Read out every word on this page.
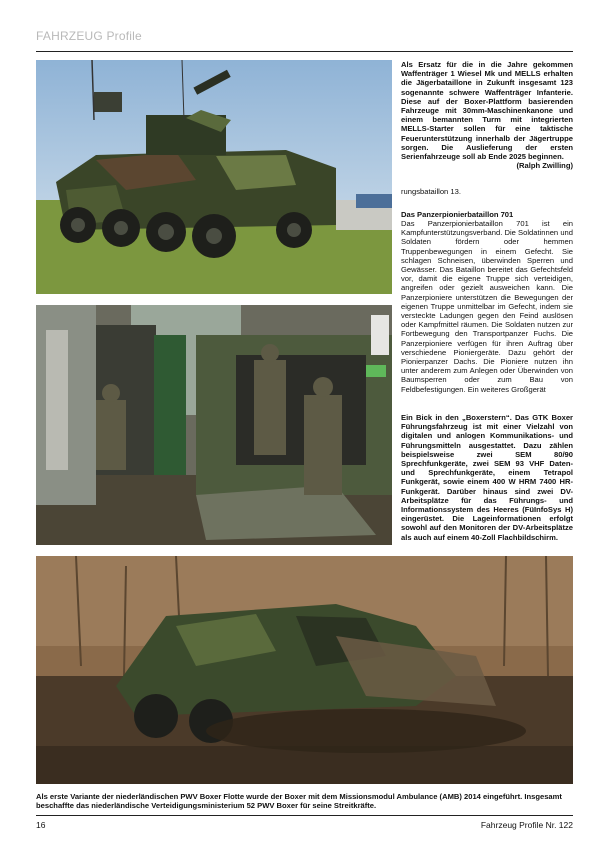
FAHRZEUG Profile
Als Ersatz für die in die Jahre gekommen Waffenträger 1 Wiesel Mk und MELLS erhalten die Jägerbataillone in Zukunft insgesamt 123 sogenannte schwere Waffenträger Infanterie. Diese auf der Boxer-Plattform basierenden Fahrzeuge mit 30mm-Maschinenkanone und einem bemannten Turm mit integrierten MELLS-Starter sollen für eine taktische Feuerunterstützung innerhalb der Jägertruppe sorgen. Die Auslieferung der ersten Serienfahrzeuge soll ab Ende 2025 beginnen.
(Ralph Zwilling)
rungsbataillon 13.
Das Panzerpionierbataillon 701
Das Panzerpionierbataillon 701 ist ein Kampfunterstützungsverband. Die Soldatinnen und Soldaten fördern oder hemmen Truppenbewegungen in einem Gefecht. Sie schlagen Schneisen, überwinden Sperren und Gewässer. Das Bataillon bereitet das Gefechtsfeld vor, damit die eigene Truppe sich verteidigen, angreifen oder gezielt ausweichen kann. Die Panzerpioniere unterstützen die Bewegungen der eigenen Truppe unmittelbar im Gefecht, indem sie versteckte Ladungen gegen den Feind auslösen oder Kampfmittel räumen. Die Soldaten nutzen zur Fortbewegung den Transportpanzer Fuchs. Die Panzerpioniere verfügen für ihren Auftrag über verschiedene Pioniergeräte. Dazu gehört der Pionierpanzer Dachs. Die Pioniere nutzen ihn unter anderem zum Anlegen oder Überwinden von Baumsperren oder zum Bau von Feldbefestigungen. Ein weiteres Großgerät
Ein Bick in den „Boxerstern“. Das GTK Boxer Führungsfahrzeug ist mit einer Vielzahl von digitalen und anlogen Kommunikations- und Führungsmitteln ausgestattet. Dazu zählen beispielsweise zwei SEM 80/90 Sprechfunkgeräte, zwei SEM 93 VHF Daten- und Sprechfunkgeräte, einem Tetrapol Funkgerät, sowie einem 400 W HRM 7400 HR-Funkgerät. Darüber hinaus sind zwei DV-Arbeitsplätze für das Führungs- und Informationssystem des Heeres (FüInfoSys H) eingerüstet. Die Lageinformationen erfolgt sowohl auf den Monitoren der DV-Arbeitsplätze als auch auf einem 40-Zoll Flachbildschirm.
Als erste Variante der niederländischen PWV Boxer Flotte wurde der Boxer mit dem Missionsmodul Ambulance (AMB) 2014 eingeführt. Insgesamt beschaffte das niederländische Verteidigungsministerium 52 PWV Boxer für seine Streitkräfte.
16	Fahrzeug Profile Nr. 122
